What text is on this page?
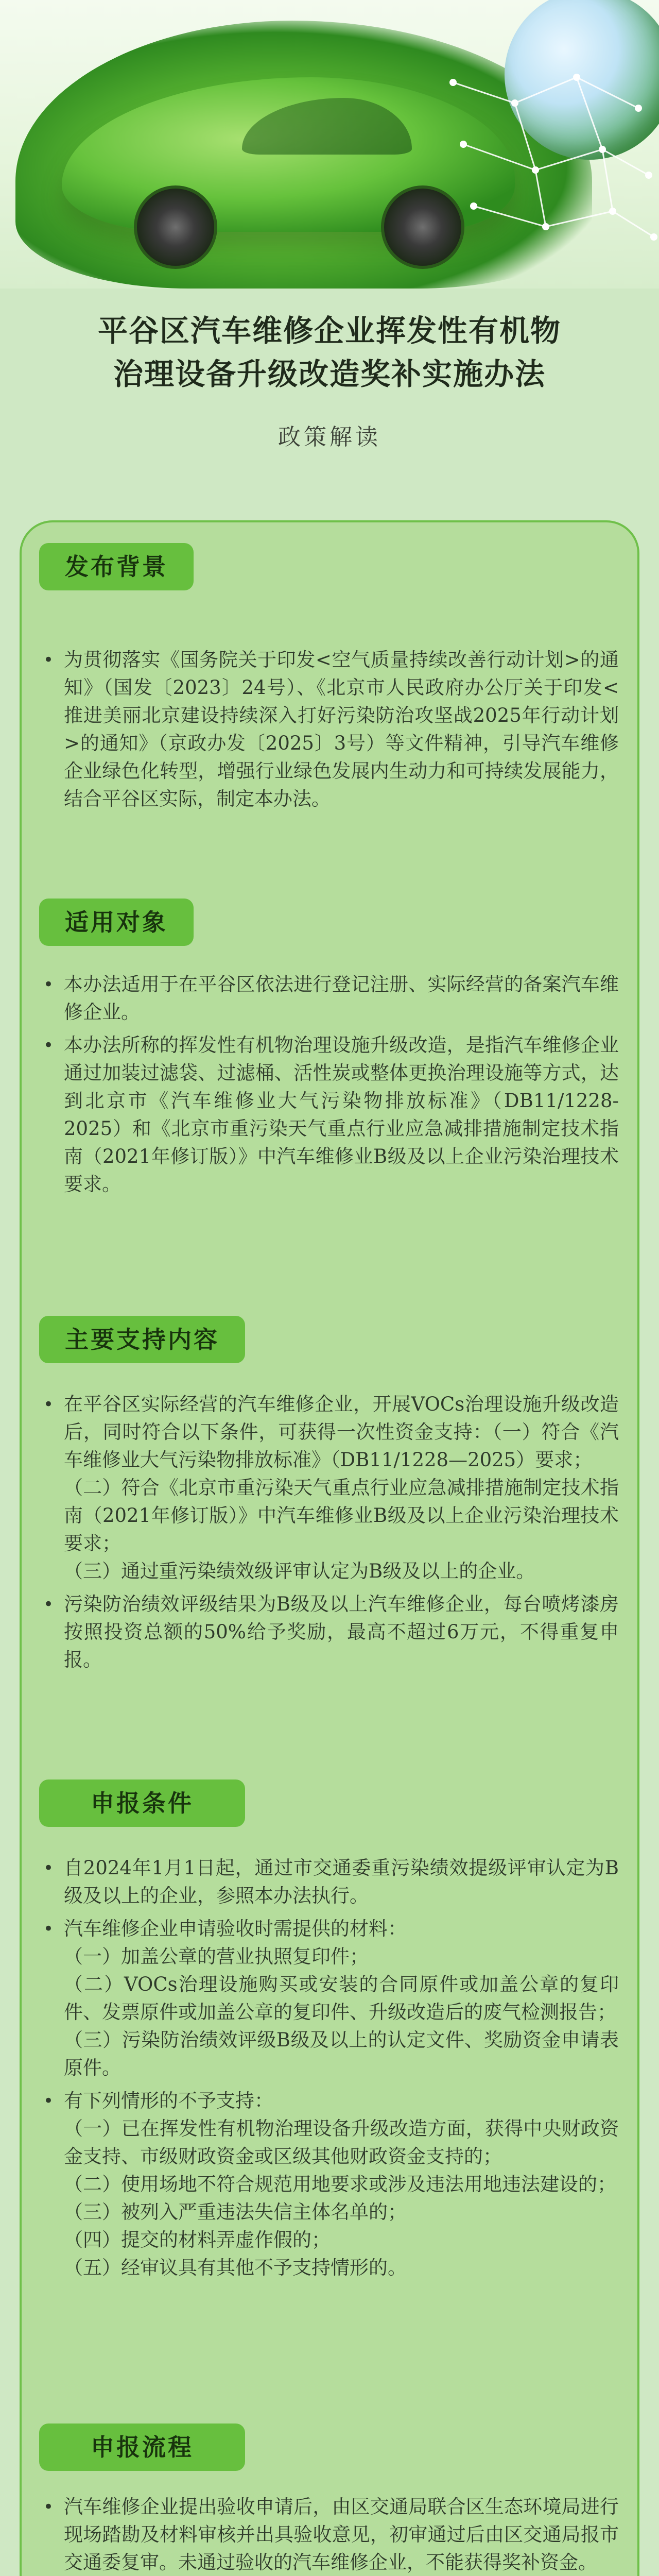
平谷区汽车维修企业挥发性有机物
治理设备升级改造奖补实施办法
政策解读
发布背景
• 为贯彻落实《国务院关于印发<空气质量持续改善行动计划>的通知》（国发〔2023〕24号）、《北京市人民政府办公厅关于印发<推进美丽北京建设持续深入打好污染防治攻坚战2025年行动计划>的通知》（京政办发〔2025〕3号）等文件精神，引导汽车维修企业绿色化转型，增强行业绿色发展内生动力和可持续发展能力，结合平谷区实际，制定本办法。
适用对象
• 本办法适用于在平谷区依法进行登记注册、实际经营的备案汽车维修企业。
• 本办法所称的挥发性有机物治理设施升级改造，是指汽车维修企业通过加装过滤袋、过滤桶、活性炭或整体更换治理设施等方式，达到北京市《汽车维修业大气污染物排放标准》（DB11/1228-2025）和《北京市重污染天气重点行业应急减排措施制定技术指南（2021年修订版）》中汽车维修业B级及以上企业污染治理技术要求。
主要支持内容
• 在平谷区实际经营的汽车维修企业，开展VOCs治理设施升级改造后，同时符合以下条件，可获得一次性资金支持：（一）符合《汽车维修业大气污染物排放标准》（DB11/1228—2025）要求；
（二）符合《北京市重污染天气重点行业应急减排措施制定技术指南（2021年修订版）》中汽车维修业B级及以上企业污染治理技术要求；
（三）通过重污染绩效级评审认定为B级及以上的企业。
• 污染防治绩效评级结果为B级及以上汽车维修企业，每台喷烤漆房按照投资总额的50%给予奖励，最高不超过6万元，不得重复申报。
申报条件
• 自2024年1月1日起，通过市交通委重污染绩效提级评审认定为B级及以上的企业，参照本办法执行。
• 汽车维修企业申请验收时需提供的材料：
（一）加盖公章的营业执照复印件；
（二）VOCs治理设施购买或安装的合同原件或加盖公章的复印件、发票原件或加盖公章的复印件、升级改造后的废气检测报告；
（三）污染防治绩效评级B级及以上的认定文件、奖励资金申请表原件。
• 有下列情形的不予支持：
（一）已在挥发性有机物治理设备升级改造方面，获得中央财政资金支持、市级财政资金或区级其他财政资金支持的；
（二）使用场地不符合规范用地要求或涉及违法用地违法建设的；
（三）被列入严重违法失信主体名单的；
（四）提交的材料弄虚作假的；
（五）经审议具有其他不予支持情形的。
申报流程
• 汽车维修企业提出验收申请后，由区交通局联合区生态环境局进行现场踏勘及材料审核并出具验收意见，初审通过后由区交通局报市交通委复审。未通过验收的汽车维修企业，不能获得奖补资金。
